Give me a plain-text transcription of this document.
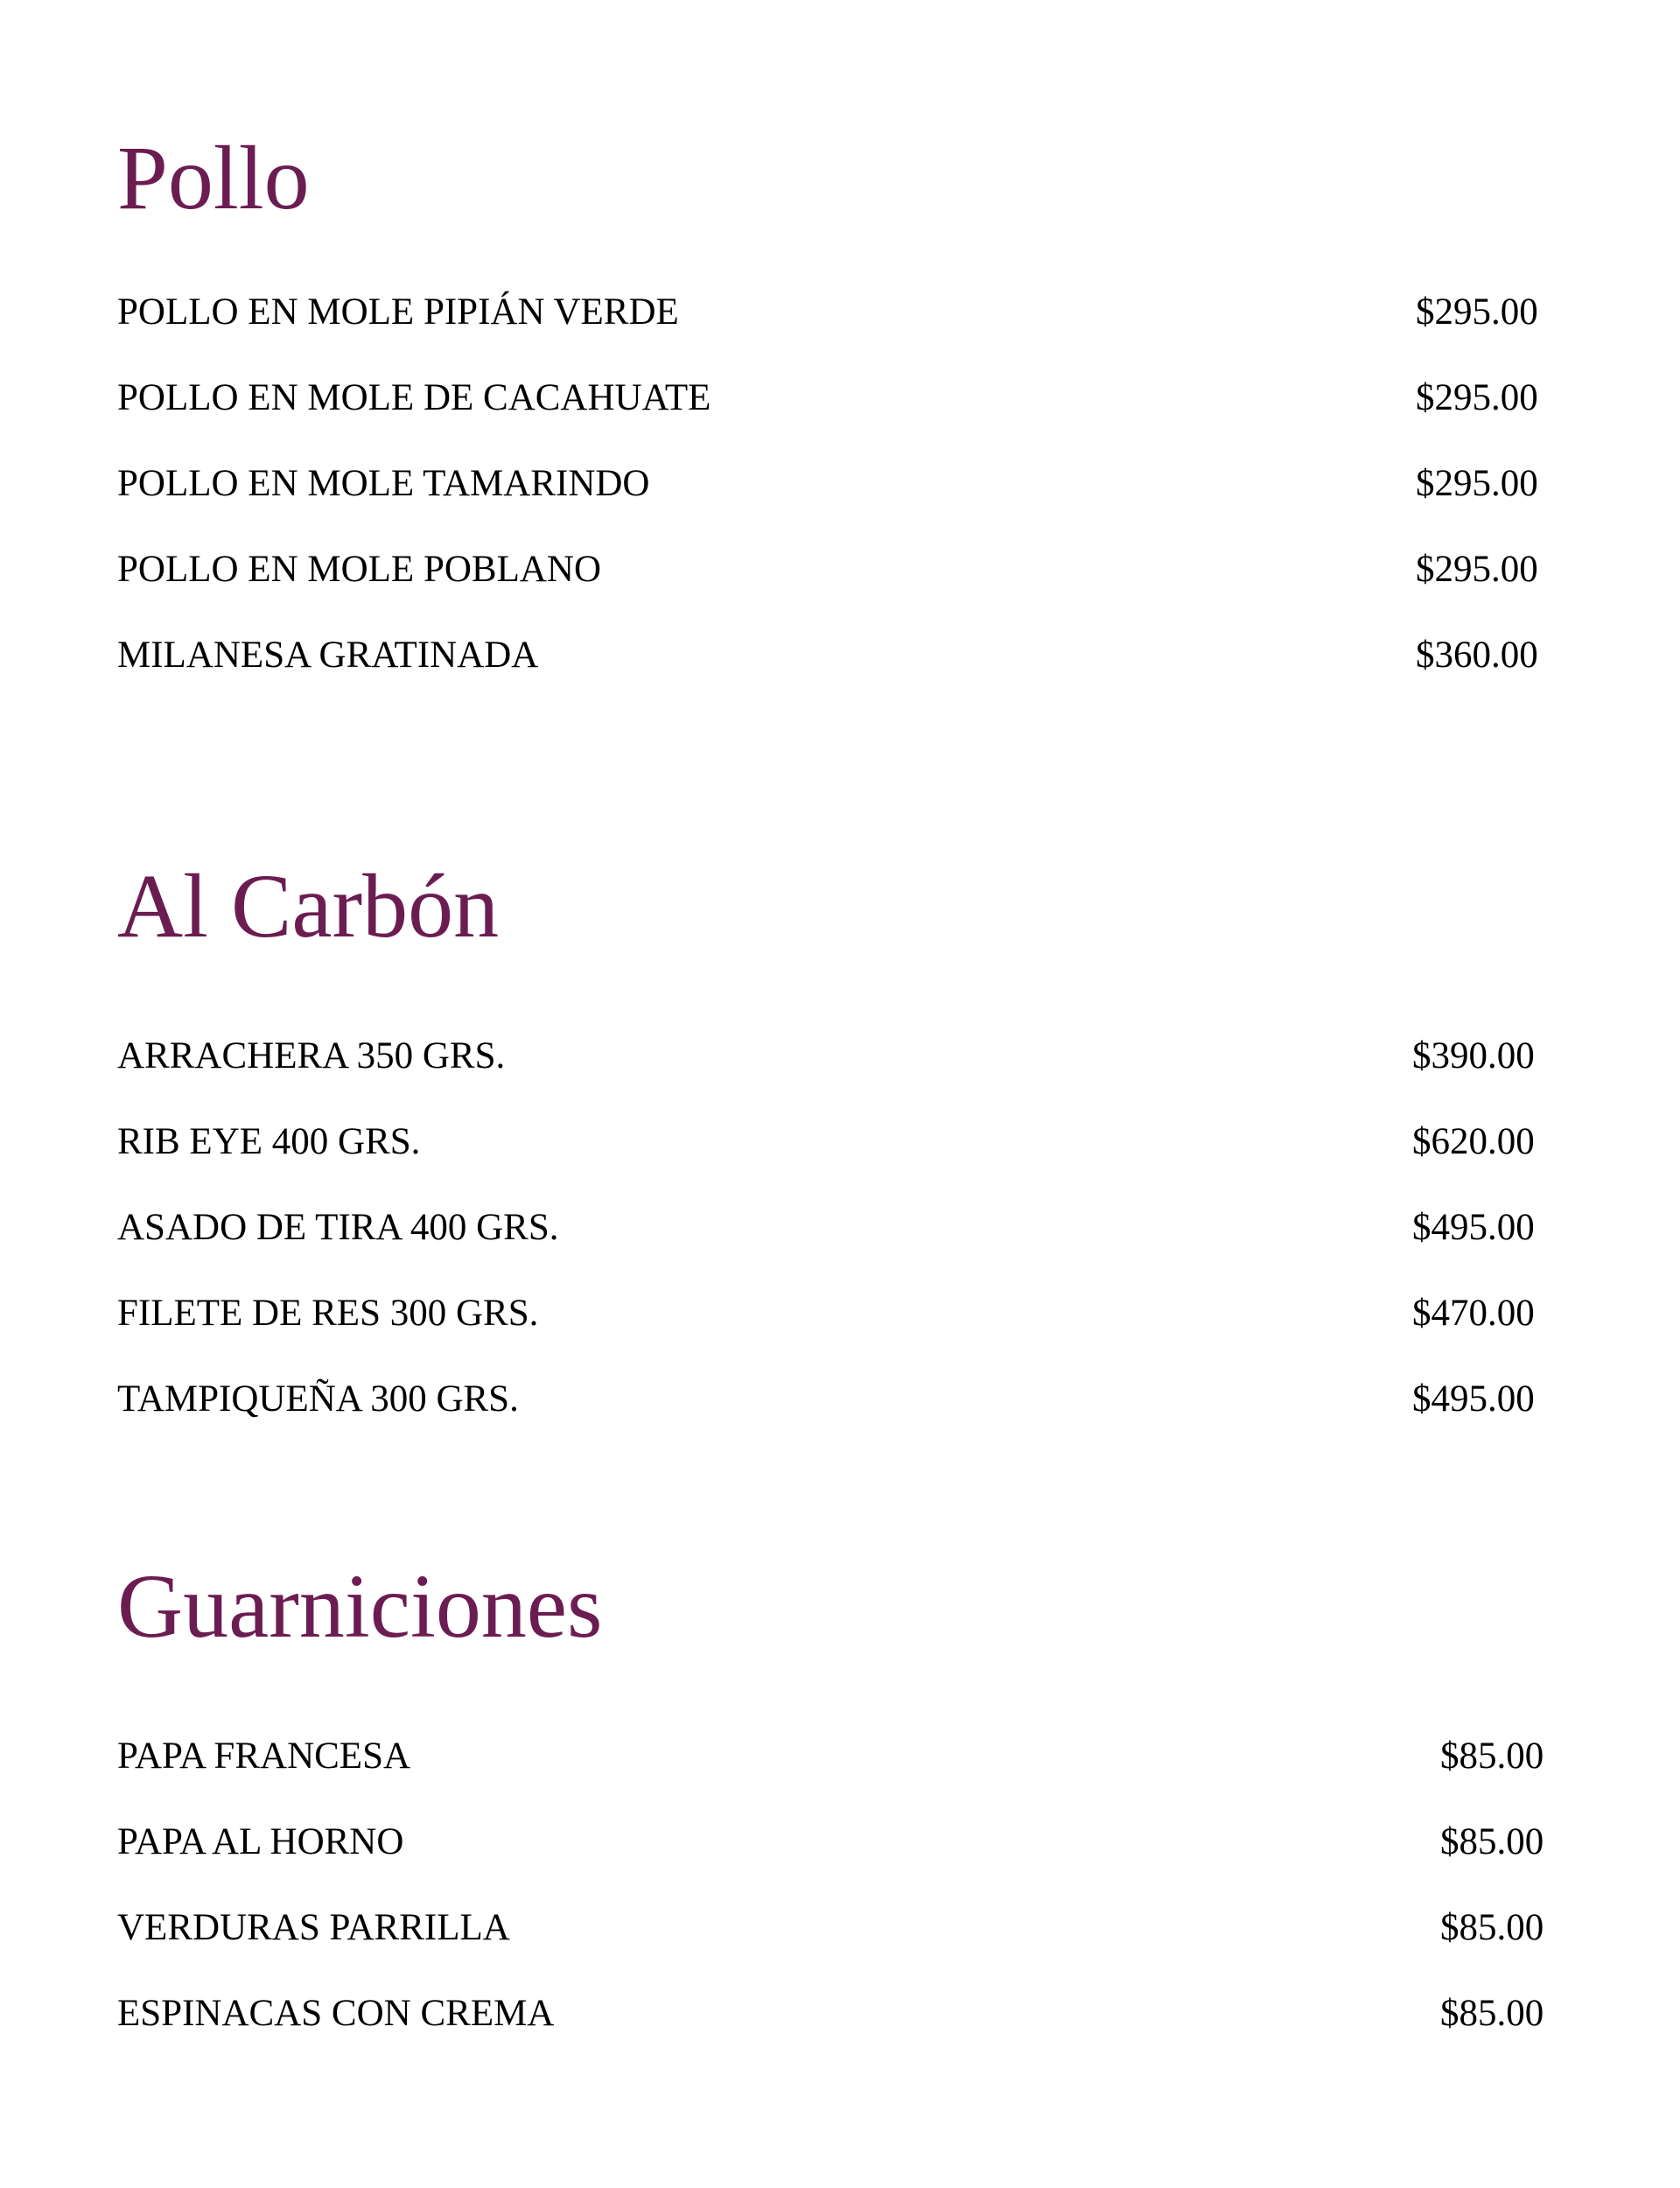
Pollo
POLLO EN MOLE PIPIÁN VERDE	$295.00
POLLO EN MOLE DE CACAHUATE	$295.00
POLLO EN MOLE TAMARINDO	$295.00
POLLO EN MOLE POBLANO	$295.00
MILANESA GRATINADA	$360.00
Al Carbón
ARRACHERA 350 GRS.	$390.00
RIB EYE 400 GRS.	$620.00
ASADO DE TIRA 400 GRS.	$495.00
FILETE DE RES 300 GRS.	$470.00
TAMPIQUEÑA 300 GRS.	$495.00
Guarniciones
PAPA FRANCESA	$85.00
PAPA AL HORNO	$85.00
VERDURAS PARRILLA	$85.00
ESPINACAS CON CREMA	$85.00
